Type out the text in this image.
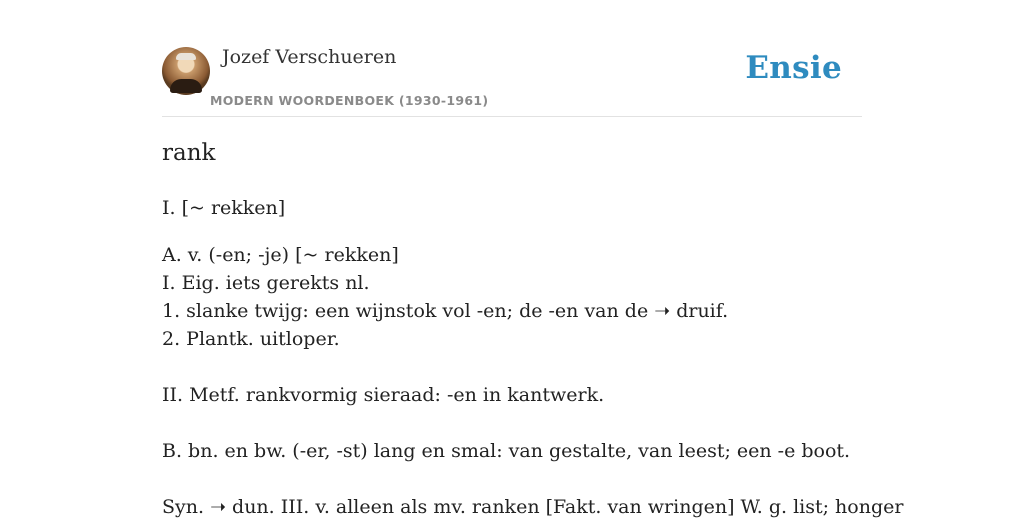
Jozef Verschueren
MODERN WOORDENBOEK (1930-1961)
Ensie
rank

I. [~ rekken]

A. v. (-en; -je) [~ rekken]

I. Eig. iets gerekts nl.

1. slanke twijg: een wijnstok vol -en; de -en van de ➝ druif.

2. Plantk. uitloper.

II. Metf. rankvormig sieraad: -en in kantwerk.

B. bn. en bw. (-er, -st) lang en smal: van gestalte, van leest; een -e boot.

Syn. ➝ dun. III. v. alleen als mv. ranken [Fakt. van wringen] W. g. list; honger
